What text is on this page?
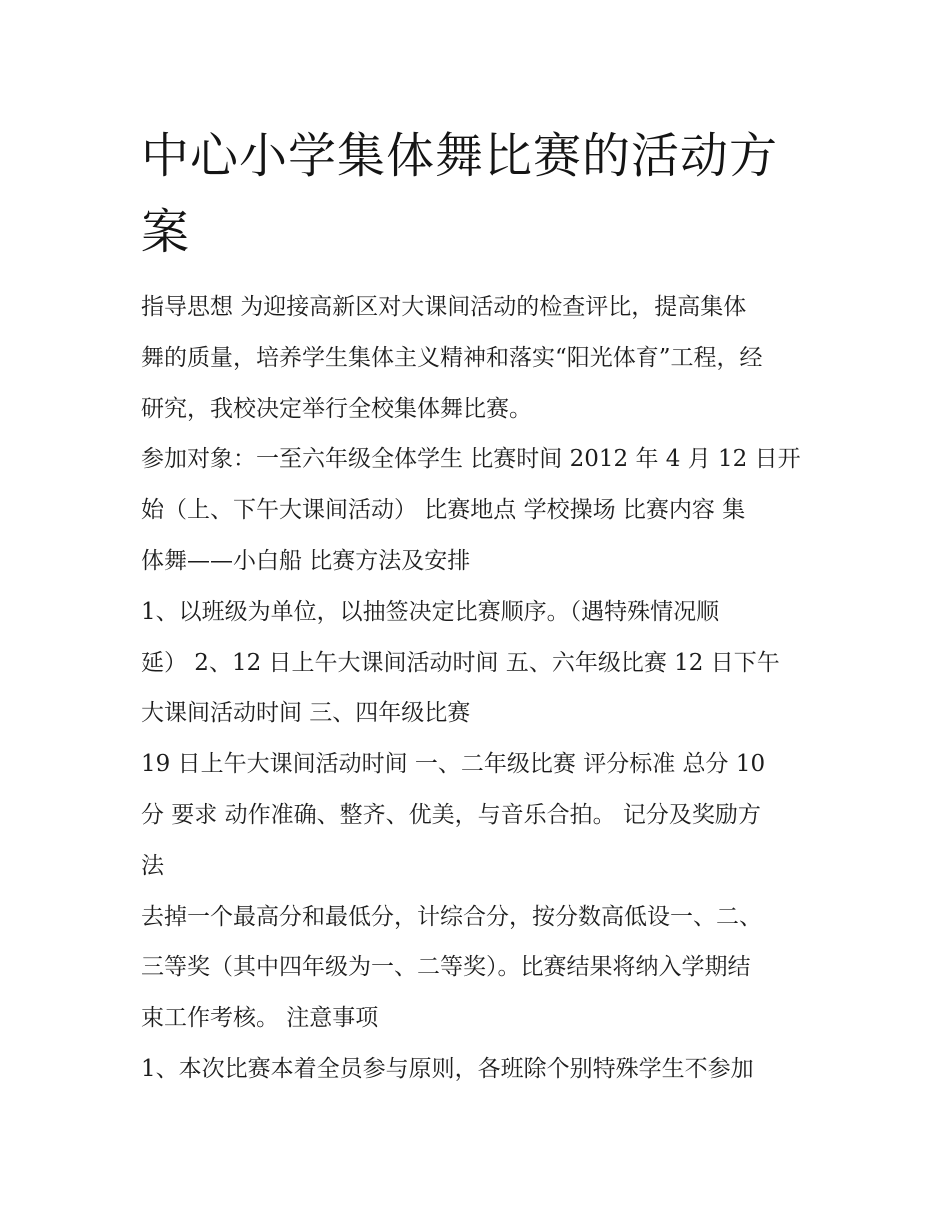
中心小学集体舞比赛的活动方
案
指导思想 为迎接高新区对大课间活动的检查评比，提高集体
舞的质量，培养学生集体主义精神和落实“阳光体育”工程，经
研究，我校决定举行全校集体舞比赛。
参加对象：一至六年级全体学生 比赛时间 2012 年 4 月 12 日开
始（上、下午大课间活动） 比赛地点 学校操场 比赛内容 集
体舞——小白船 比赛方法及安排
1、以班级为单位，以抽签决定比赛顺序。（遇特殊情况顺
延） 2、12 日上午大课间活动时间 五、六年级比赛 12 日下午
大课间活动时间 三、四年级比赛
19 日上午大课间活动时间 一、二年级比赛 评分标准 总分 10
分 要求 动作准确、整齐、优美，与音乐合拍。 记分及奖励方
法
去掉一个最高分和最低分，计综合分，按分数高低设一、二、
三等奖（其中四年级为一、二等奖）。比赛结果将纳入学期结
束工作考核。 注意事项
1、本次比赛本着全员参与原则，各班除个别特殊学生不参加
